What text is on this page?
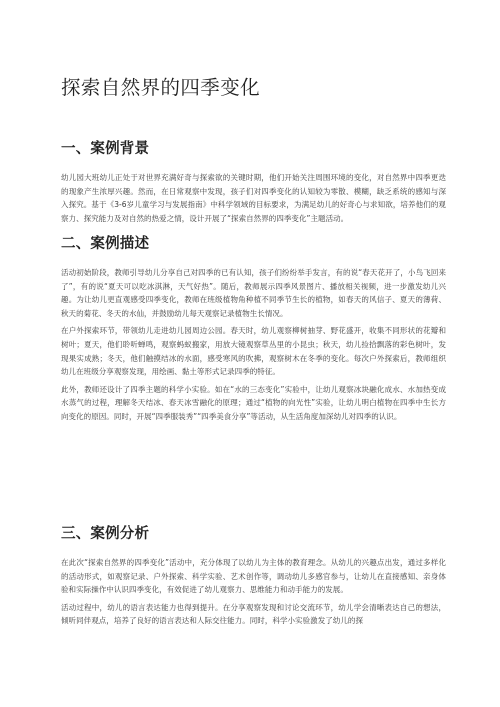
探索自然界的四季变化
一、案例背景

幼儿园大班幼儿正处于对世界充满好奇与探索欲的关键时期，他们开始关注周围环境的变化，对自然界中四季更迭的现象产生浓厚兴趣。然而，在日常观察中发现，孩子们对四季变化的认知较为零散、模糊，缺乏系统的感知与深入探究。基于《3-6岁儿童学习与发展指南》中科学领域的目标要求，为满足幼儿的好奇心与求知欲，培养他们的观察力、探究能力及对自然的热爱之情，设计开展了“探索自然界的四季变化”主题活动。

二、案例描述

活动初始阶段，教师引导幼儿分享自己对四季的已有认知，孩子们纷纷举手发言，有的说“春天花开了，小鸟飞回来了”，有的说“夏天可以吃冰淇淋，天气好热”。随后，教师展示四季风景图片、播放相关视频，进一步激发幼儿兴趣。为让幼儿更直观感受四季变化，教师在班级植物角种植不同季节生长的植物，如春天的风信子、夏天的薄荷、秋天的菊花、冬天的水仙，并鼓励幼儿每天观察记录植物生长情况。

在户外探索环节，带领幼儿走进幼儿园周边公园。春天时，幼儿观察柳树抽芽、野花盛开，收集不同形状的花瓣和树叶；夏天，他们聆听蝉鸣，观察蚂蚁搬家，用放大镜观察草丛里的小昆虫；秋天，幼儿捡拾飘落的彩色树叶，发现果实成熟；冬天，他们触摸结冰的水面，感受寒风的吹拂，观察树木在冬季的变化。每次户外探索后，教师组织幼儿在班级分享观察发现，用绘画、黏土等形式记录四季的特征。

此外，教师还设计了四季主题的科学小实验。如在“水的三态变化”实验中，让幼儿观察冰块融化成水、水加热变成水蒸气的过程，理解冬天结冰、春天冰雪融化的原理；通过“植物的向光性”实验，让幼儿明白植物在四季中生长方向变化的原因。同时，开展“四季服装秀”“四季美食分享”等活动，从生活角度加深幼儿对四季的认识。

三、案例分析

在此次“探索自然界的四季变化”活动中，充分体现了以幼儿为主体的教育理念。从幼儿的兴趣点出发，通过多样化的活动形式，如观察记录、户外探索、科学实验、艺术创作等，调动幼儿多感官参与，让幼儿在直接感知、亲身体验和实际操作中认识四季变化，有效促进了幼儿观察力、思维能力和动手能力的发展。

活动过程中，幼儿的语言表达能力也得到提升。在分享观察发现和讨论交流环节，幼儿学会清晰表达自己的想法，倾听同伴观点，培养了良好的语言表达和人际交往能力。同时，科学小实验激发了幼儿的探
